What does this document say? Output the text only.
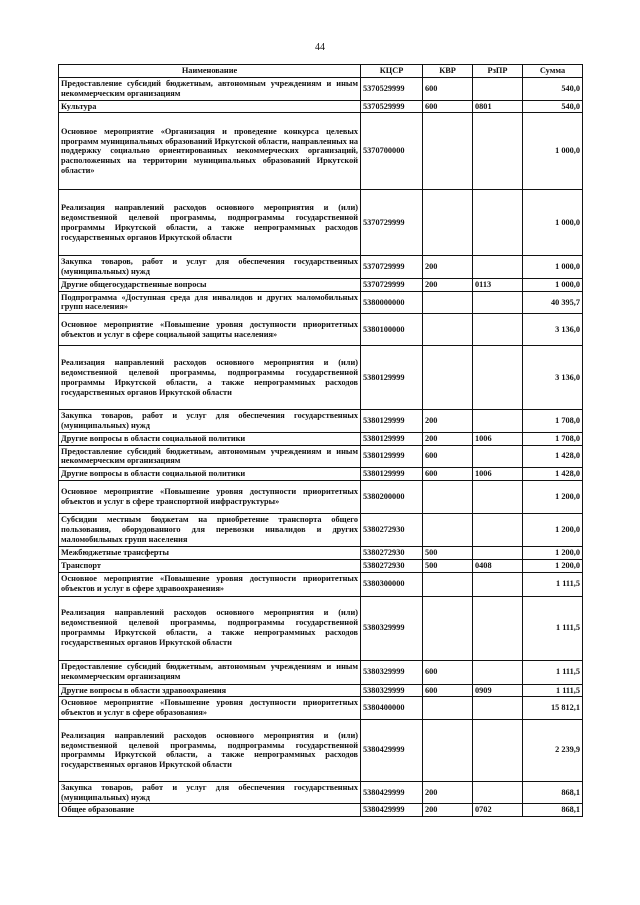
44
Наименование	КЦСР	КВР	РзПР	Сумма
Предоставление субсидий бюджетным, автономным учреждениям и иным некоммерческим организациям	5370529999	600		540,0
Культура	5370529999	600	0801	540,0
Основное мероприятие «Организация и проведение конкурса целевых программ муниципальных образований Иркутской области, направленных на поддержку социально ориентированных некоммерческих организаций, расположенных на территории муниципальных образований Иркутской области»	5370700000			1 000,0
Реализация направлений расходов основного мероприятия и (или) ведомственной целевой программы, подпрограммы государственной программы Иркутской области, а также непрограммных расходов государственных органов Иркутской области	5370729999			1 000,0
Закупка товаров, работ и услуг для обеспечения государственных (муниципальных) нужд	5370729999	200		1 000,0
Другие общегосударственные вопросы	5370729999	200	0113	1 000,0
Подпрограмма «Доступная среда для инвалидов и других маломобильных групп населения»	5380000000			40 395,7
Основное мероприятие «Повышение уровня доступности приоритетных объектов и услуг в сфере социальной защиты населения»	5380100000			3 136,0
Реализация направлений расходов основного мероприятия и (или) ведомственной целевой программы, подпрограммы государственной программы Иркутской области, а также непрограммных расходов государственных органов Иркутской области	5380129999			3 136,0
Закупка товаров, работ и услуг для обеспечения государственных (муниципальных) нужд	5380129999	200		1 708,0
Другие вопросы в области социальной политики	5380129999	200	1006	1 708,0
Предоставление субсидий бюджетным, автономным учреждениям и иным некоммерческим организациям	5380129999	600		1 428,0
Другие вопросы в области социальной политики	5380129999	600	1006	1 428,0
Основное мероприятие «Повышение уровня доступности приоритетных объектов и услуг в сфере транспортной инфраструктуры»	5380200000			1 200,0
Субсидии местным бюджетам на приобретение транспорта общего пользования, оборудованного для перевозки инвалидов и других маломобильных групп населения	5380272930			1 200,0
Межбюджетные трансферты	5380272930	500		1 200,0
Транспорт	5380272930	500	0408	1 200,0
Основное мероприятие «Повышение уровня доступности приоритетных объектов и услуг в сфере здравоохранения»	5380300000			1 111,5
Реализация направлений расходов основного мероприятия и (или) ведомственной целевой программы, подпрограммы государственной программы Иркутской области, а также непрограммных расходов государственных органов Иркутской области	5380329999			1 111,5
Предоставление субсидий бюджетным, автономным учреждениям и иным некоммерческим организациям	5380329999	600		1 111,5
Другие вопросы в области здравоохранения	5380329999	600	0909	1 111,5
Основное мероприятие «Повышение уровня доступности приоритетных объектов и услуг в сфере образования»	5380400000			15 812,1
Реализация направлений расходов основного мероприятия и (или) ведомственной целевой программы, подпрограммы государственной программы Иркутской области, а также непрограммных расходов государственных органов Иркутской области	5380429999			2 239,9
Закупка товаров, работ и услуг для обеспечения государственных (муниципальных) нужд	5380429999	200		868,1
Общее образование	5380429999	200	0702	868,1
